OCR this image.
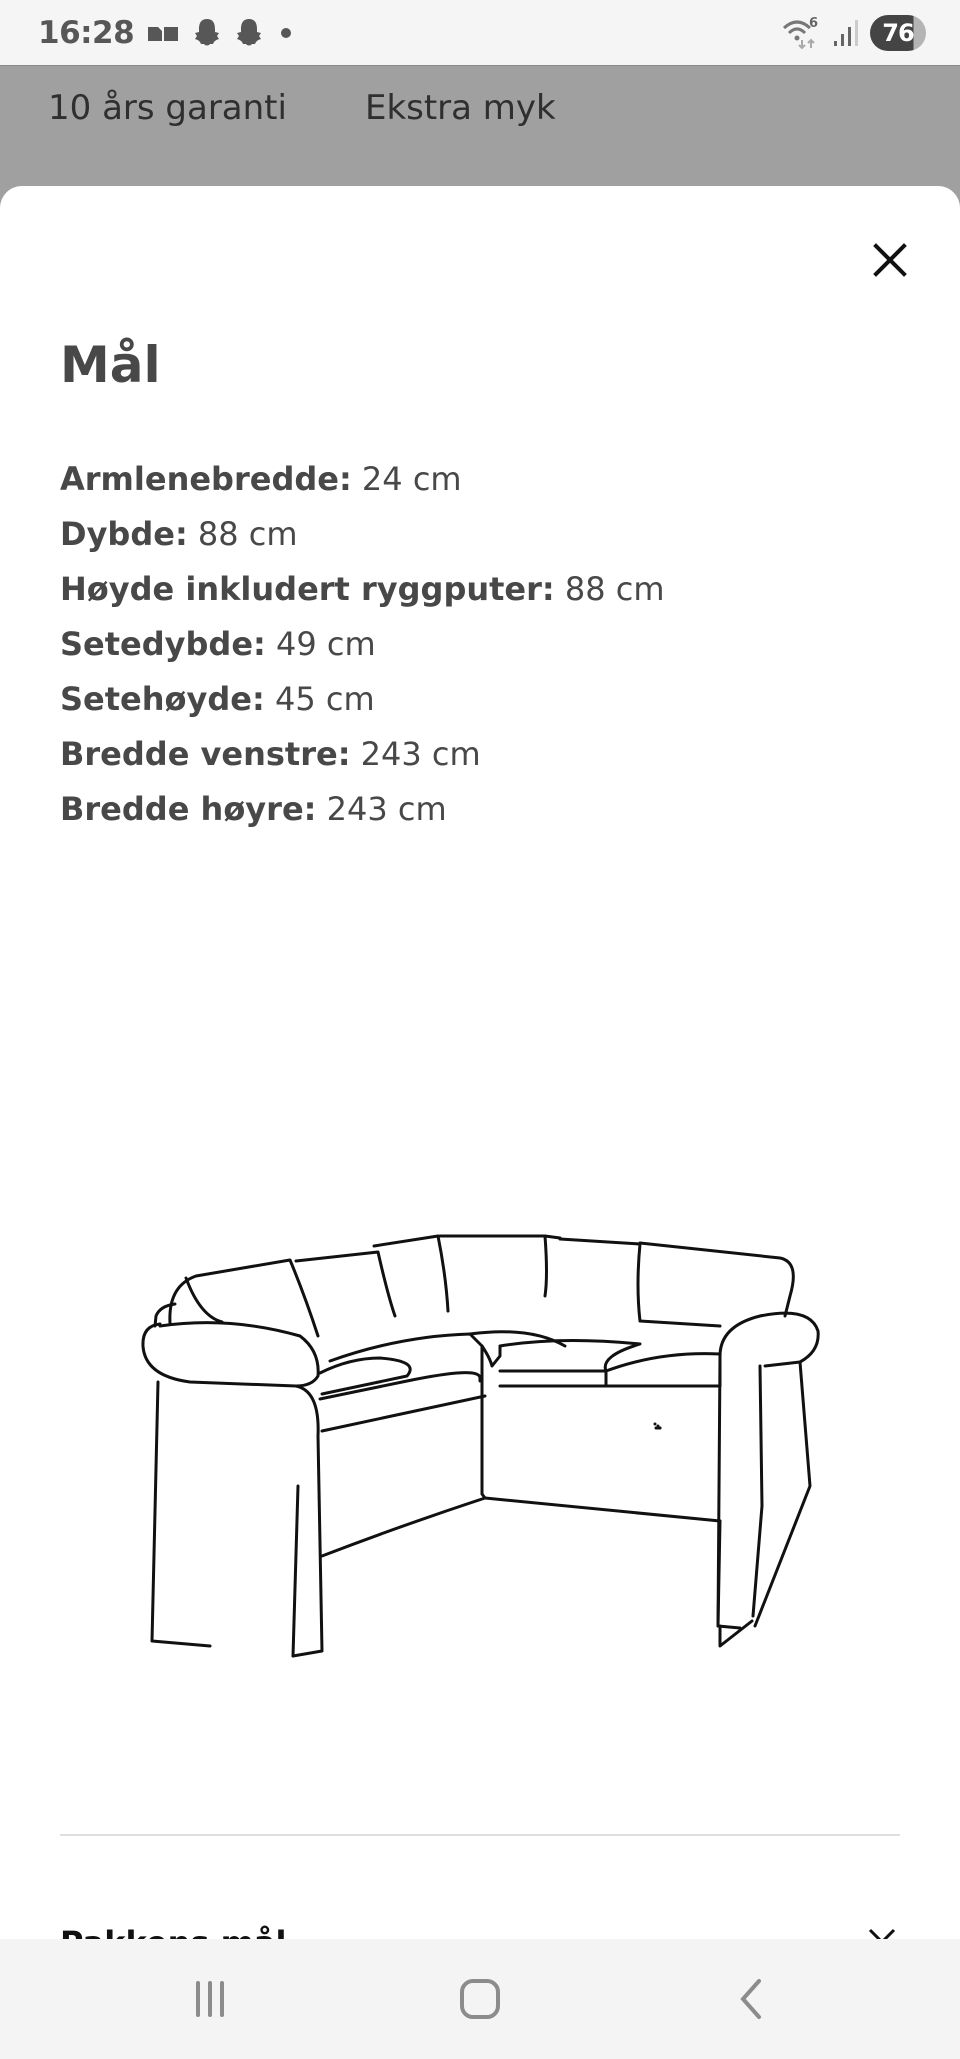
16:28	6	76
10 års garanti Ekstra myk
Mål
Armlenebredde: 24 cm
Dybde: 88 cm
Høyde inkludert ryggputer: 88 cm
Setedybde: 49 cm
Setehøyde: 45 cm
Bredde venstre: 243 cm
Bredde høyre: 243 cm
